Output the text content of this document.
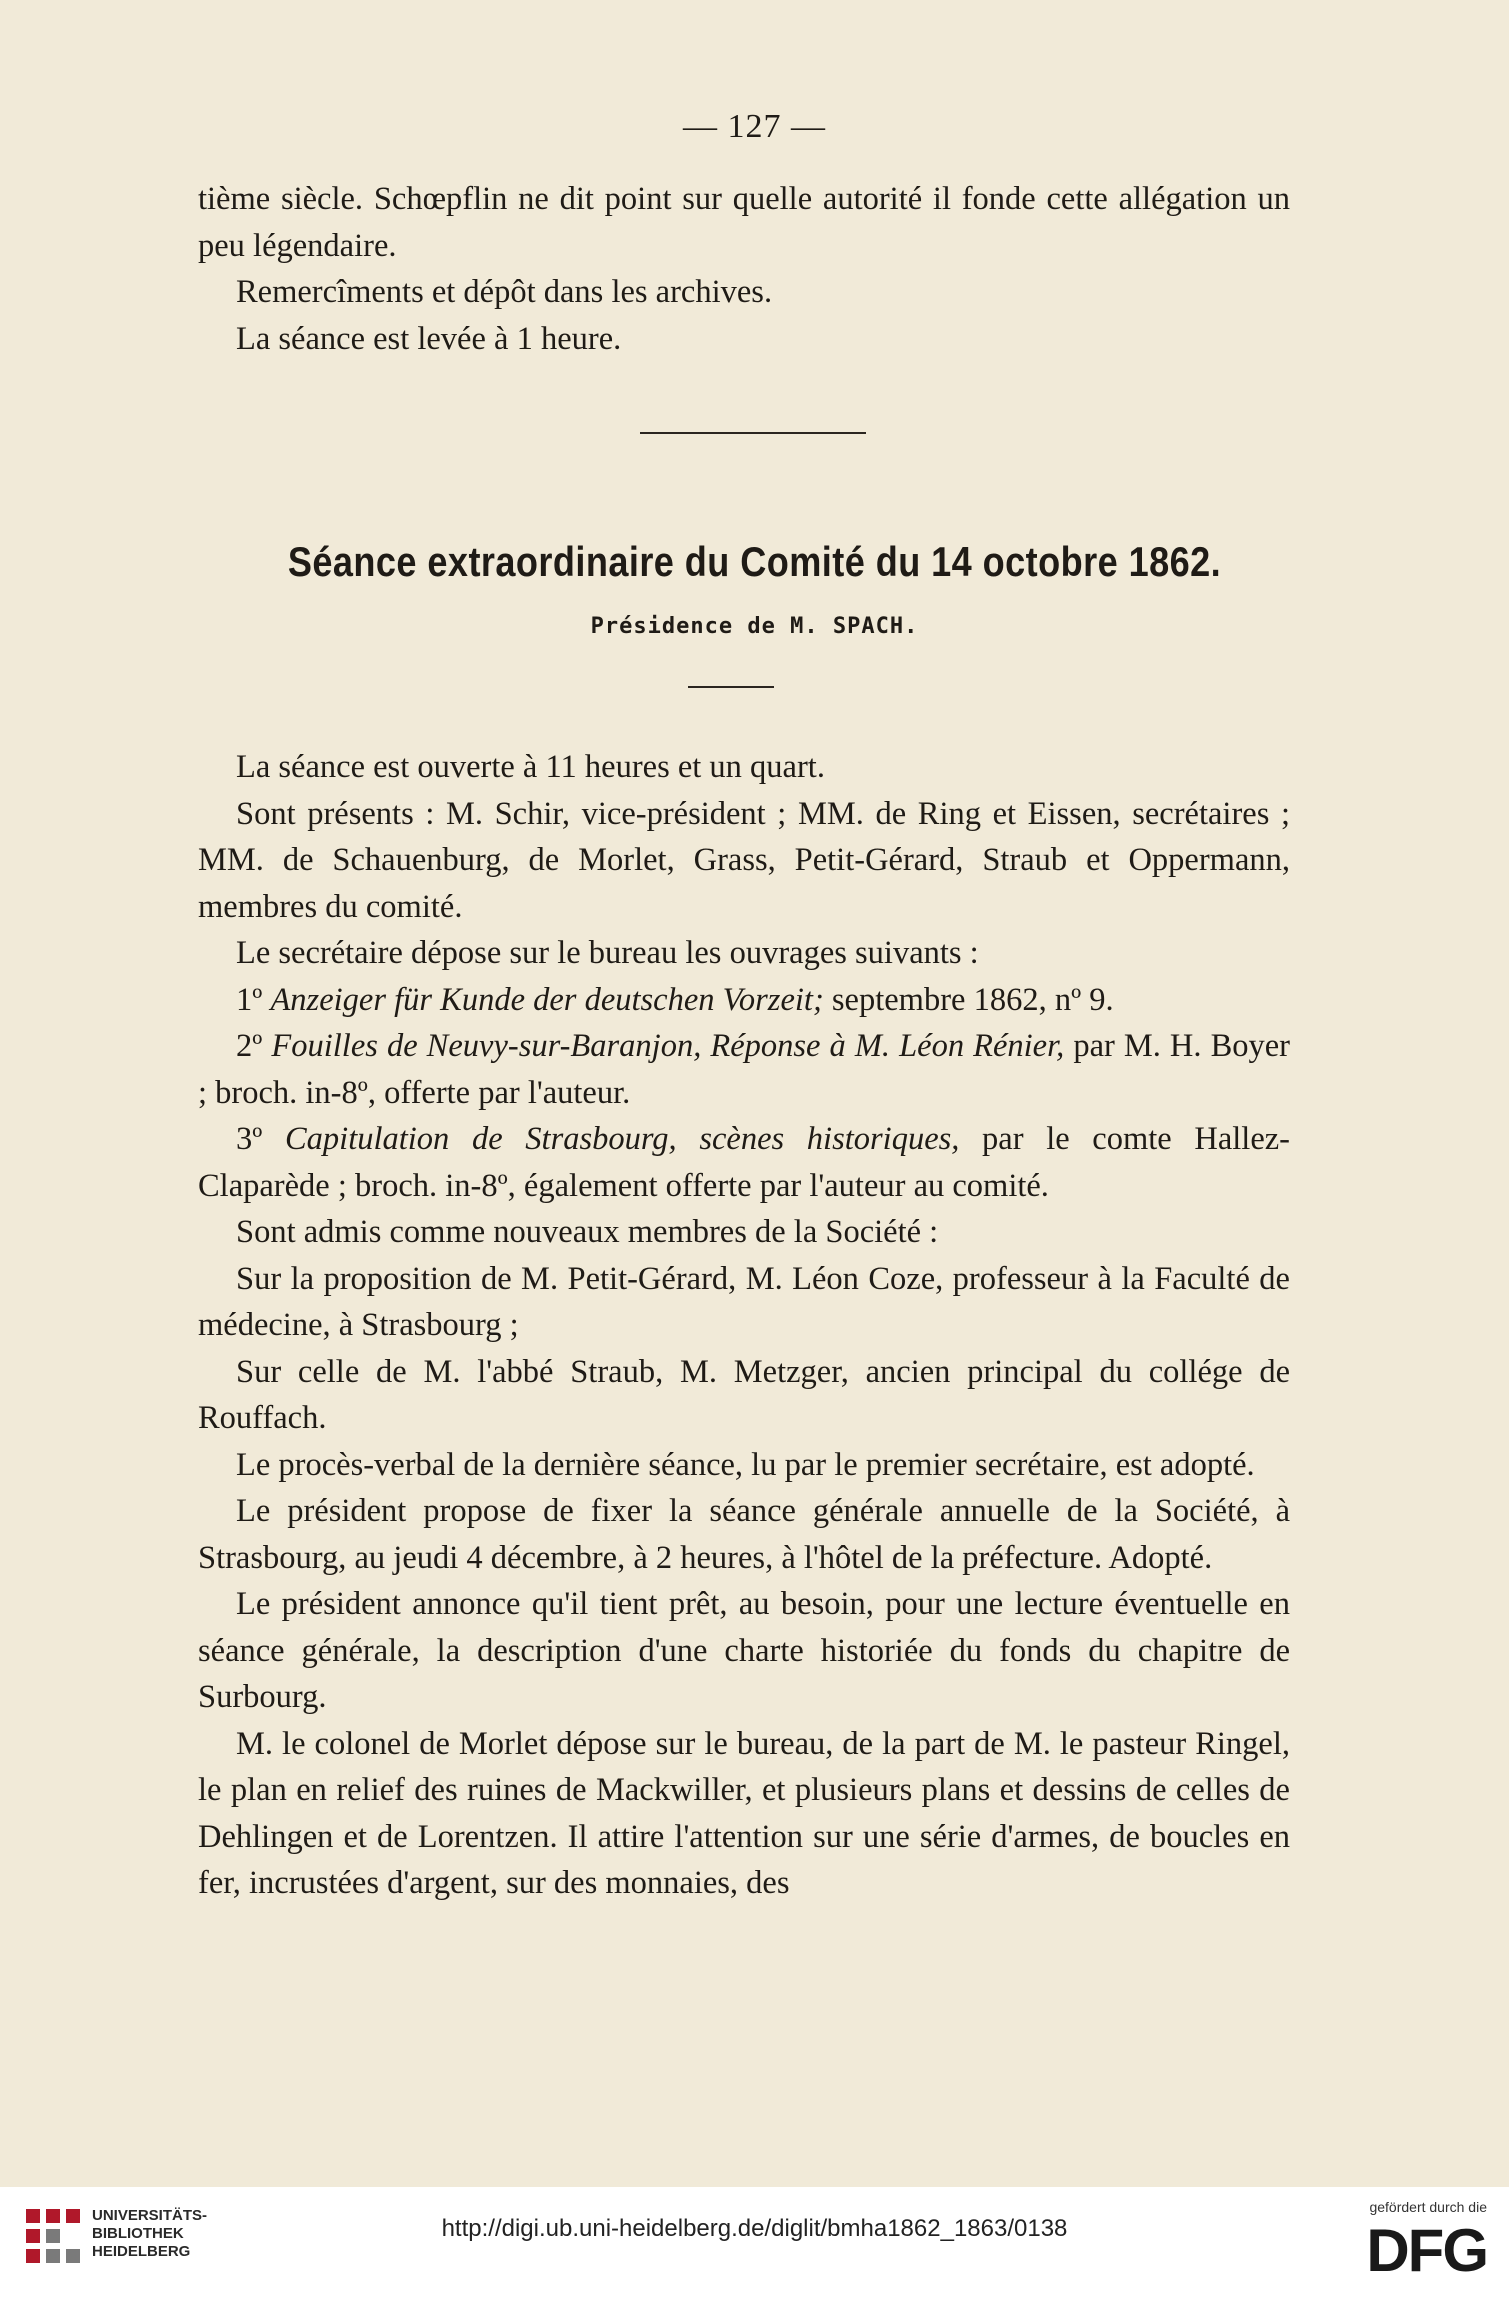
— 127 —

tième siècle. Schœpflin ne dit point sur quelle autorité il fonde cette allégation un peu légendaire.

Remercîments et dépôt dans les archives.

La séance est levée à 1 heure.

Séance extraordinaire du Comité du 14 octobre 1862.
Présidence de M. SPACH.

La séance est ouverte à 11 heures et un quart.

Sont présents : M. Schir, vice-président ; MM. de Ring et Eissen, secrétaires ; MM. de Schauenburg, de Morlet, Grass, Petit-Gérard, Straub et Oppermann, membres du comité.

Le secrétaire dépose sur le bureau les ouvrages suivants :

1º Anzeiger für Kunde der deutschen Vorzeit; septembre 1862, nº 9.

2º Fouilles de Neuvy-sur-Baranjon, Réponse à M. Léon Rénier, par M. H. Boyer ; broch. in-8º, offerte par l'auteur.

3º Capitulation de Strasbourg, scènes historiques, par le comte Hallez-Claparède ; broch. in-8º, également offerte par l'auteur au comité.

Sont admis comme nouveaux membres de la Société :

Sur la proposition de M. Petit-Gérard, M. Léon Coze, professeur à la Faculté de médecine, à Strasbourg ;

Sur celle de M. l'abbé Straub, M. Metzger, ancien principal du collége de Rouffach.

Le procès-verbal de la dernière séance, lu par le premier secrétaire, est adopté.

Le président propose de fixer la séance générale annuelle de la Société, à Strasbourg, au jeudi 4 décembre, à 2 heures, à l'hôtel de la préfecture. Adopté.

Le président annonce qu'il tient prêt, au besoin, pour une lecture éventuelle en séance générale, la description d'une charte historiée du fonds du chapitre de Surbourg.

M. le colonel de Morlet dépose sur le bureau, de la part de M. le pasteur Ringel, le plan en relief des ruines de Mackwiller, et plusieurs plans et dessins de celles de Dehlingen et de Lorentzen. Il attire l'attention sur une série d'armes, de boucles en fer, incrustées d'argent, sur des monnaies, des

UNIVERSITÄTS-
BIBLIOTHEK
HEIDELBERG
http://digi.ub.uni-heidelberg.de/diglit/bmha1862_1863/0138
gefördert durch die
DFG
